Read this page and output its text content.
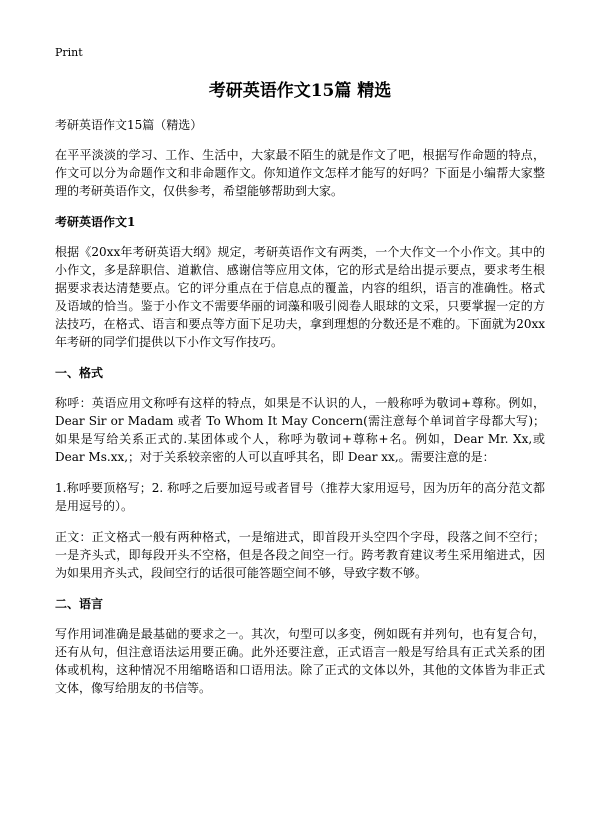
Print
考研英语作文15篇 精选
考研英语作文15篇（精选）

在平平淡淡的学习、工作、生活中，大家最不陌生的就是作文了吧，根据写作命题的特点，作文可以分为命题作文和非命题作文。你知道作文怎样才能写的好吗？下面是小编帮大家整理的考研英语作文，仅供参考，希望能够帮助到大家。

考研英语作文1

根据《20xx年考研英语大纲》规定，考研英语作文有两类，一个大作文一个小作文。其中的小作文，多是辞职信、道歉信、感谢信等应用文体，它的形式是给出提示要点，要求考生根据要求表达清楚要点。它的评分重点在于信息点的覆盖，内容的组织，语言的准确性。格式及语域的恰当。鉴于小作文不需要华丽的词藻和吸引阅卷人眼球的文采，只要掌握一定的方法技巧，在格式、语言和要点等方面下足功夫，拿到理想的分数还是不难的。下面就为20xx年考研的同学们提供以下小作文写作技巧。

一、格式

称呼：英语应用文称呼有这样的特点，如果是不认识的人，一般称呼为敬词+尊称。例如，Dear Sir or Madam 或者 To Whom It May Concern(需注意每个单词首字母都大写)；如果是写给关系正式的.某团体或个人，称呼为敬词+尊称+名。例如，Dear Mr. Xx,或Dear Ms.xx,；对于关系较亲密的人可以直呼其名，即 Dear xx,。需要注意的是：

1.称呼要顶格写；2. 称呼之后要加逗号或者冒号（推荐大家用逗号，因为历年的高分范文都是用逗号的）。

正文：正文格式一般有两种格式，一是缩进式，即首段开头空四个字母，段落之间不空行；一是齐头式，即每段开头不空格，但是各段之间空一行。跨考教育建议考生采用缩进式，因为如果用齐头式，段间空行的话很可能答题空间不够，导致字数不够。

二、语言

写作用词准确是最基础的要求之一。其次，句型可以多变，例如既有并列句，也有复合句，还有从句，但注意语法运用要正确。此外还要注意，正式语言一般是写给具有正式关系的团体或机构，这种情况不用缩略语和口语用法。除了正式的文体以外，其他的文体皆为非正式文体，像写给朋友的书信等。
